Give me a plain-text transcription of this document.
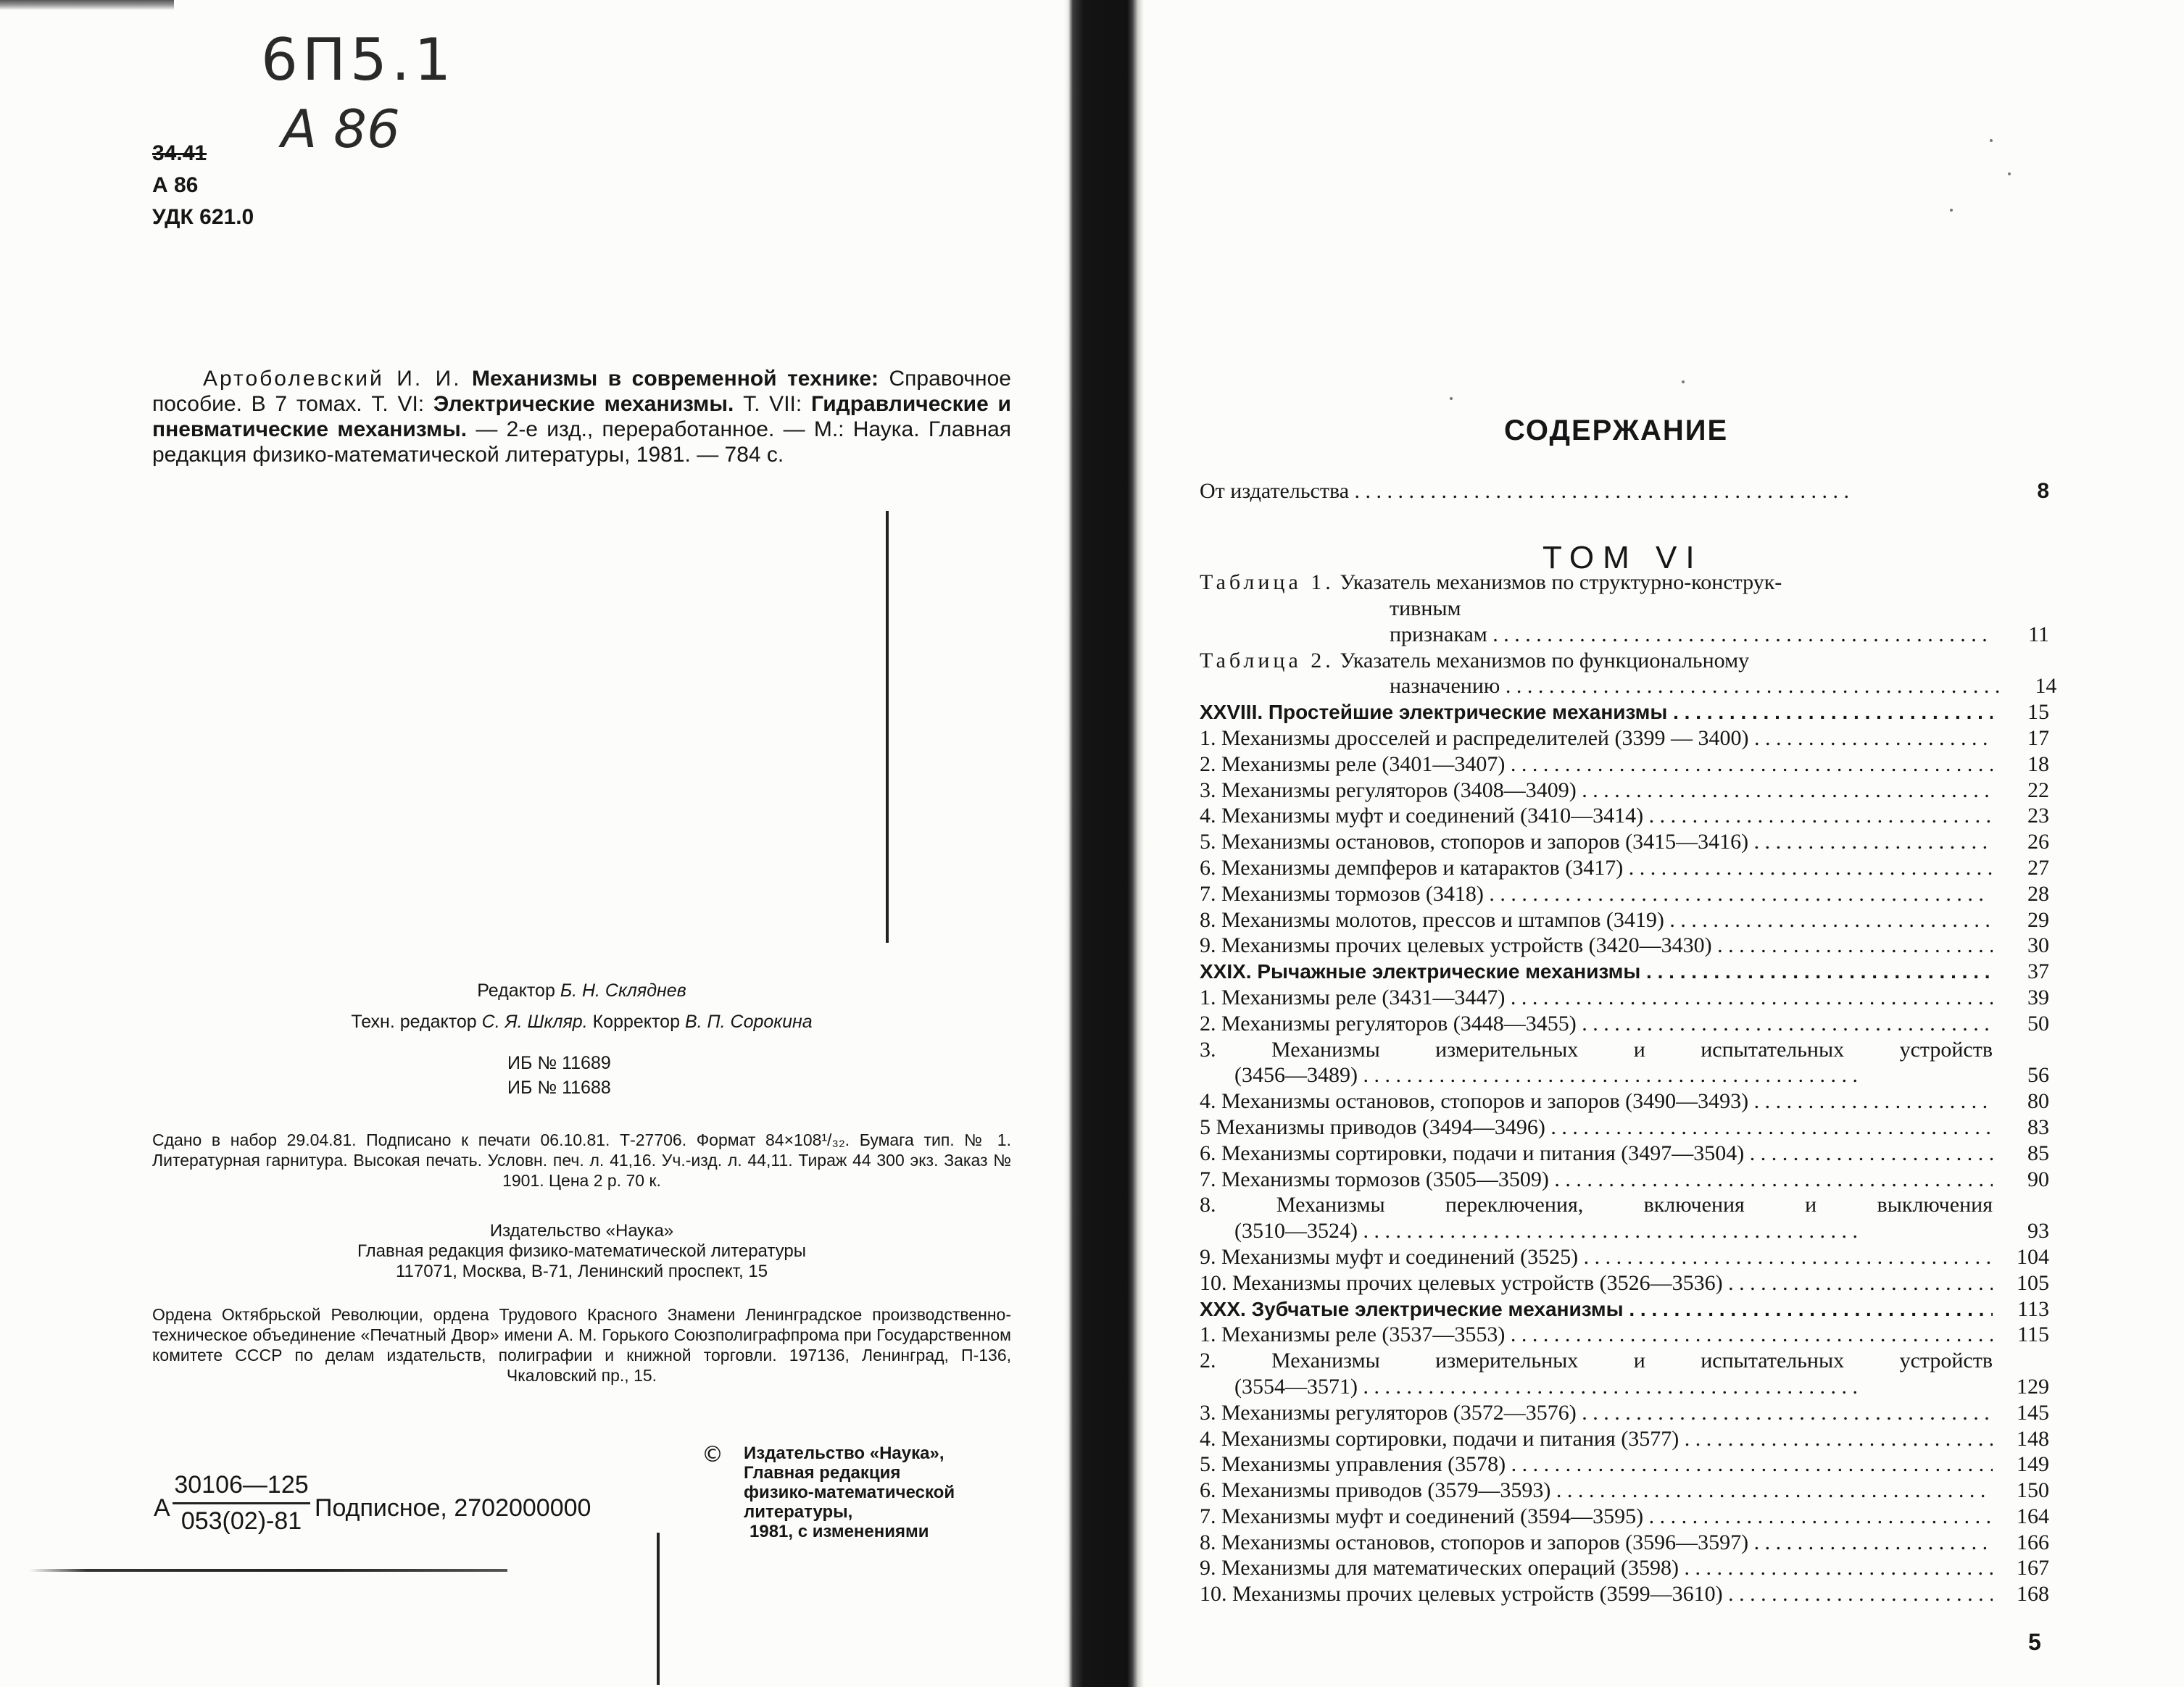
6П5.1
А 86
34.41
А 86
УДК 621.0

Артоболевский И. И. Механизмы в современной технике: Справочное пособие. В 7 томах. Т. VI: Электрические механизмы. Т. VII: Гидравлические и пневматические механизмы. — 2-е изд., переработанное. — М.: Наука. Главная редакция физико-математической литературы, 1981. — 784 с.

Редактор Б. Н. Скляднев
Техн. редактор С. Я. Шкляр. Корректор В. П. Сорокина
ИБ № 11689
ИБ № 11688
Сдано в набор 29.04.81. Подписано к печати 06.10.81. Т-27706. Формат 84×108¹/₃₂. Бумага тип. № 1. Литературная гарнитура. Высокая печать. Условн. печ. л. 41,16. Уч.-изд. л. 44,11. Тираж 44 300 экз. Заказ № 1901. Цена 2 р. 70 к.
Издательство «Наука»
Главная редакция физико-математической литературы
117071, Москва, В-71, Ленинский проспект, 15
Ордена Октябрьской Революции, ордена Трудового Красного Знамени Ленинградское производственно-техническое объединение «Печатный Двор» имени А. М. Горького Союзполиграфпрома при Государственном комитете СССР по делам издательств, полиграфии и книжной торговли. 197136, Ленинград, П-136, Чкаловский пр., 15.
А $\frac{30106—125}{053(02)-81}$ Подписное, 2702000000
© Издательство «Наука»,
Главная редакция
физико-математической
литературы,
1981, с изменениями
СОДЕРЖАНИЕ
От издательства . . .	8
ТОМ VI
Таблица 1. Указатель механизмов по структурно-конструк-
тивным признакам . . .	11
Таблица 2. Указатель механизмов по функциональному
назначению . . .	14
XXVIII. Простейшие электрические механизмы . . .	15
1. Механизмы дросселей и распределителей (3399 — 3400) . . .	17
2. Механизмы реле (3401—3407) . . .	18
3. Механизмы регуляторов (3408—3409) . . .	22
4. Механизмы муфт и соединений (3410—3414) . . .	23
5. Механизмы остановов, стопоров и запоров (3415—3416) . . .	26
6. Механизмы демпферов и катарактов (3417) . . .	27
7. Механизмы тормозов (3418) . . .	28
8. Механизмы молотов, прессов и штампов (3419) . . .	29
9. Механизмы прочих целевых устройств (3420—3430) . . .	30
XXIX. Рычажные электрические механизмы . . .	37
1. Механизмы реле (3431—3447) . . .	39
2. Механизмы регуляторов (3448—3455) . . .	50
3. Механизмы измерительных и испытательных устройств
(3456—3489) . . .	56
4. Механизмы остановов, стопоров и запоров (3490—3493) . . .	80
5 Механизмы приводов (3494—3496) . . .	83
6. Механизмы сортировки, подачи и питания (3497—3504) . . .	85
7. Механизмы тормозов (3505—3509) . . .	90
8. Механизмы переключения, включения и выключения
(3510—3524) . . .	93
9. Механизмы муфт и соединений (3525) . . .	104
10. Механизмы прочих целевых устройств (3526—3536) . . .	105
XXX. Зубчатые электрические механизмы . . .	113
1. Механизмы реле (3537—3553) . . .	115
2. Механизмы измерительных и испытательных устройств
(3554—3571) . . .	129
3. Механизмы регуляторов (3572—3576) . . .	145
4. Механизмы сортировки, подачи и питания (3577) . . .	148
5. Механизмы управления (3578) . . .	149
6. Механизмы приводов (3579—3593) . . .	150
7. Механизмы муфт и соединений (3594—3595) . . .	164
8. Механизмы остановов, стопоров и запоров (3596—3597) . . .	166
9. Механизмы для математических операций (3598) . . .	167
10. Механизмы прочих целевых устройств (3599—3610) . . .	168
5
